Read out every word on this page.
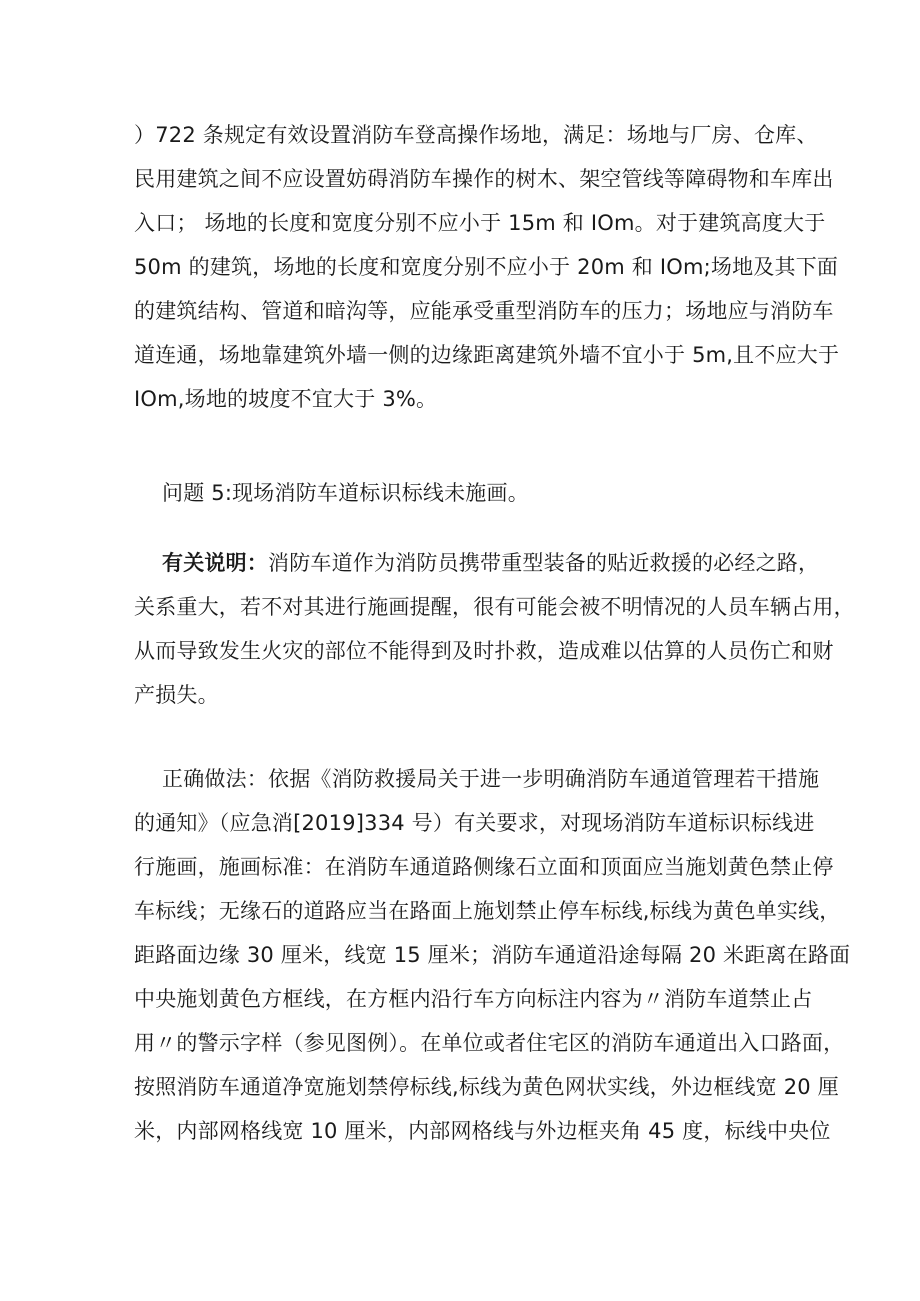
）722 条规定有效设置消防车登高操作场地，满足：场地与厂房、仓库、
民用建筑之间不应设置妨碍消防车操作的树木、架空管线等障碍物和车库出
入口； 场地的长度和宽度分别不应小于 15m 和 IOm。对于建筑高度大于
50m 的建筑，场地的长度和宽度分别不应小于 20m 和 IOm;场地及其下面
的建筑结构、管道和暗沟等，应能承受重型消防车的压力；场地应与消防车
道连通，场地靠建筑外墙一侧的边缘距离建筑外墙不宜小于 5m,且不应大于
IOm,场地的坡度不宜大于 3%。
问题 5:现场消防车道标识标线未施画。
有关说明：消防车道作为消防员携带重型装备的贴近救援的必经之路，
关系重大，若不对其进行施画提醒，很有可能会被不明情况的人员车辆占用，
从而导致发生火灾的部位不能得到及时扑救，造成难以估算的人员伤亡和财
产损失。
正确做法：依据《消防救援局关于进一步明确消防车通道管理若干措施
的通知》（应急消[2019]334 号）有关要求，对现场消防车道标识标线进
行施画，施画标准：在消防车通道路侧缘石立面和顶面应当施划黄色禁止停
车标线；无缘石的道路应当在路面上施划禁止停车标线,标线为黄色单实线，
距路面边缘 30 厘米，线宽 15 厘米；消防车通道沿途每隔 20 米距离在路面
中央施划黄色方框线，在方框内沿行车方向标注内容为〃消防车道禁止占
用〃的警示字样（参见图例）。在单位或者住宅区的消防车通道出入口路面，
按照消防车通道净宽施划禁停标线,标线为黄色网状实线，外边框线宽 20 厘
米，内部网格线宽 10 厘米，内部网格线与外边框夹角 45 度，标线中央位
